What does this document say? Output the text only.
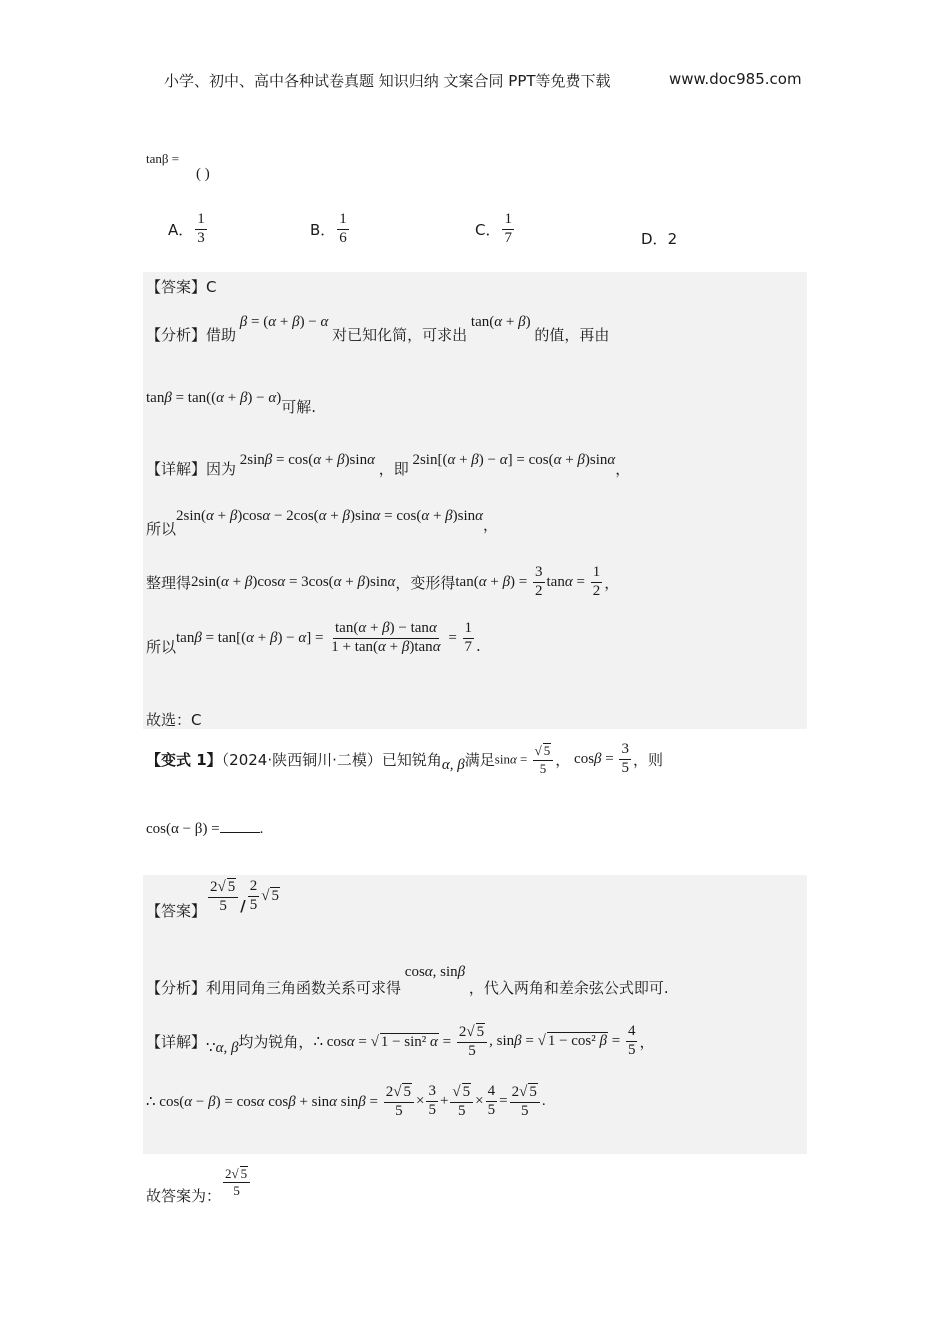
小学、初中、高中各种试卷真题 知识归纳 文案合同 PPT等免费下载	www.doc985.com
tanβ =
( )
A． $\frac{1}{3}$	B． $\frac{1}{6}$	C． $\frac{1}{7}$	D．2
【答案】C
【分析】借助 β = (α + β) − α 对已知化简，可求出 tan(α + β) 的值，再由
tanβ = tan((α + β) − α)可解.
【详解】因为 2sinβ = cos(α + β)sinα ，即 2sin[(α + β) − α] = cos(α + β)sinα，
所以2sin(α + β)cosα − 2cos(α + β)sinα = cos(α + β)sinα，
整理得2sin(α + β)cosα = 3cos(α + β)sinα，变形得$\tan(\alpha + \beta) = \frac{3}{2}$ $\tan\alpha = \frac{1}{2}$ ，
所以$\tan\beta = \tan[(\alpha + \beta) - \alpha] = \frac{\tan(\alpha + \beta) - \tan\alpha}{1 + \tan(\alpha + \beta)\tan\alpha} = \frac{1}{7}$ .
故选：C
【变式 1】（2024·陕西铜川·二模）已知锐角α, β满足$\sin\alpha = \frac{√ 5}{5}$ ， $\cos\beta = \frac{3}{5}$ ，则
cos(α − β) =	.
【答案】 $\frac{2√ 5}{5} / \frac{2}{5}$ √ 5
【分析】利用同角三角函数关系可求得 cosα, sinβ ，代入两角和差余弦公式即可.
【详解】∵α, β均为锐角，∴ cosα = √ 1 − sin² $\alpha = \frac{2√ 5}{5}$ , sinβ = √ 1 − cos² $\beta = \frac{4}{5}$ ，
∴ cos(α − β) = cosα cosβ + sinα $\sin\beta = \frac{2√ 5}{5} \times \frac{3}{5} + \frac{√ 5}{5} \times \frac{4}{5} = \frac{2√ 5}{5}$ .
故答案为： $\frac{2√ 5}{5}$
